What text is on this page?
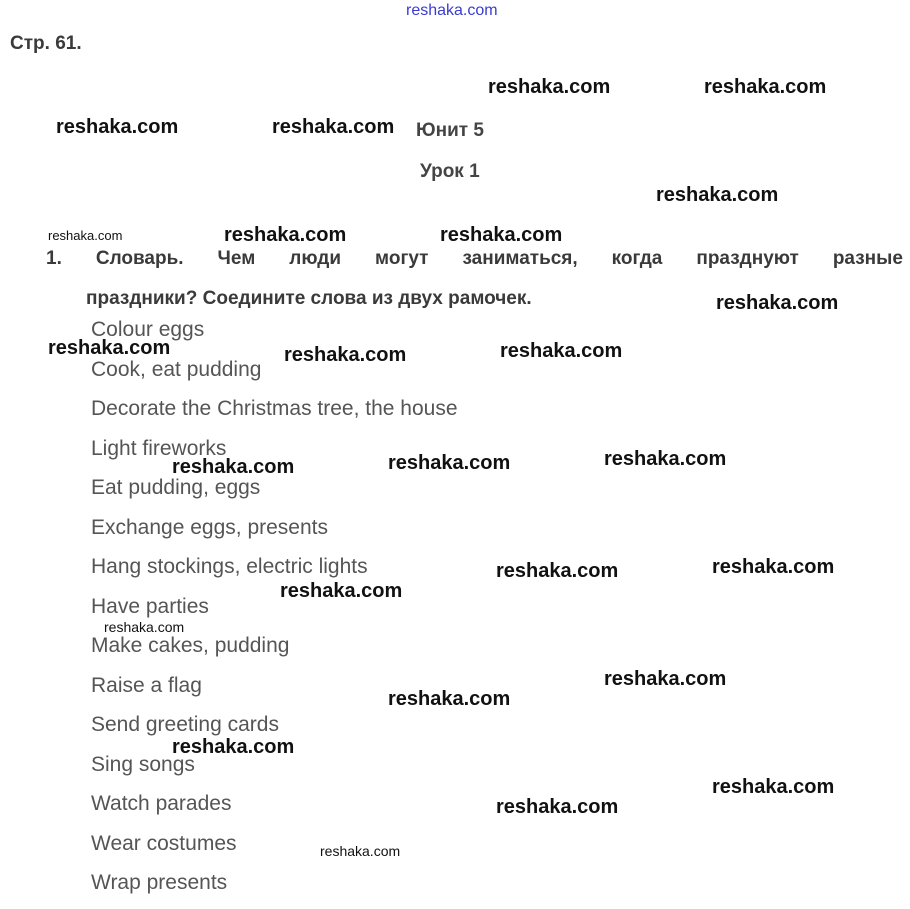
reshaka.com
Стр. 61.
Юнит 5
Урок 1
1. Словарь. Чем люди могут заниматься, когда празднуют разные
праздники? Соедините слова из двух рамочек.
Colour eggs
Cook, eat pudding
Decorate the Christmas tree, the house
Light fireworks
Eat pudding, eggs
Exchange eggs, presents
Hang stockings, electric lights
Have parties
Make cakes, pudding
Raise a flag
Send greeting cards
Sing songs
Watch parades
Wear costumes
Wrap presents
reshaka.com	reshaka.com
reshaka.com	reshaka.com
reshaka.com
reshaka.com	reshaka.com	reshaka.com
reshaka.com
reshaka.com	reshaka.com	reshaka.com
reshaka.com	reshaka.com	reshaka.com
reshaka.com	reshaka.com
reshaka.com
reshaka.com
reshaka.com
reshaka.com
reshaka.com
reshaka.com
reshaka.com
reshaka.com
